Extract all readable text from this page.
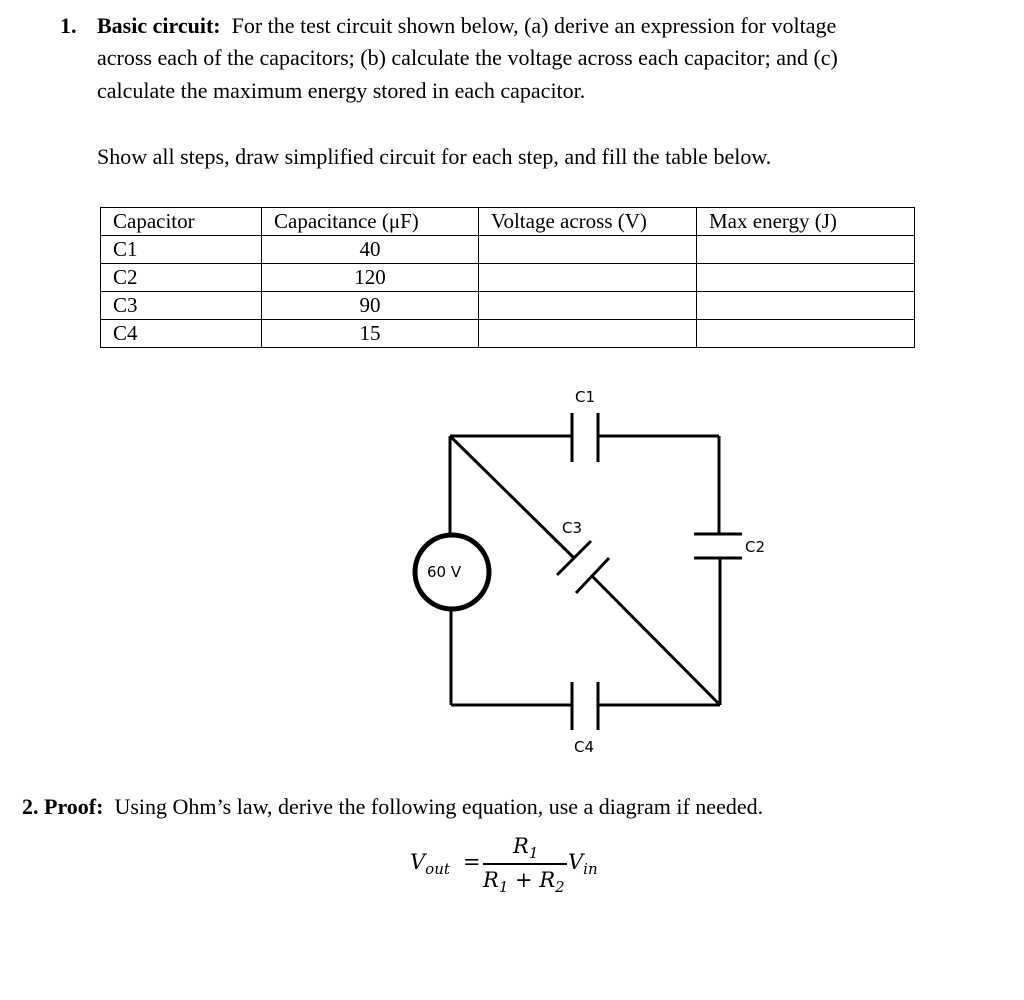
1. Basic circuit: For the test circuit shown below, (a) derive an expression for voltage
across each of the capacitors; (b) calculate the voltage across each capacitor; and (c)
calculate the maximum energy stored in each capacitor.
Show all steps, draw simplified circuit for each step, and fill the table below.
Capacitor	Capacitance (μF)	Voltage across (V)	Max energy (J)
C1	40		
C2	120		
C3	90		
C4	15		
60 V
C1
C3
C2
C4
2. Proof: Using Ohm’s law, derive the following equation, use a diagram if needed.
$V_{out}$ =
$R_1$
$R_1 + R_2$
$V_{in}$
